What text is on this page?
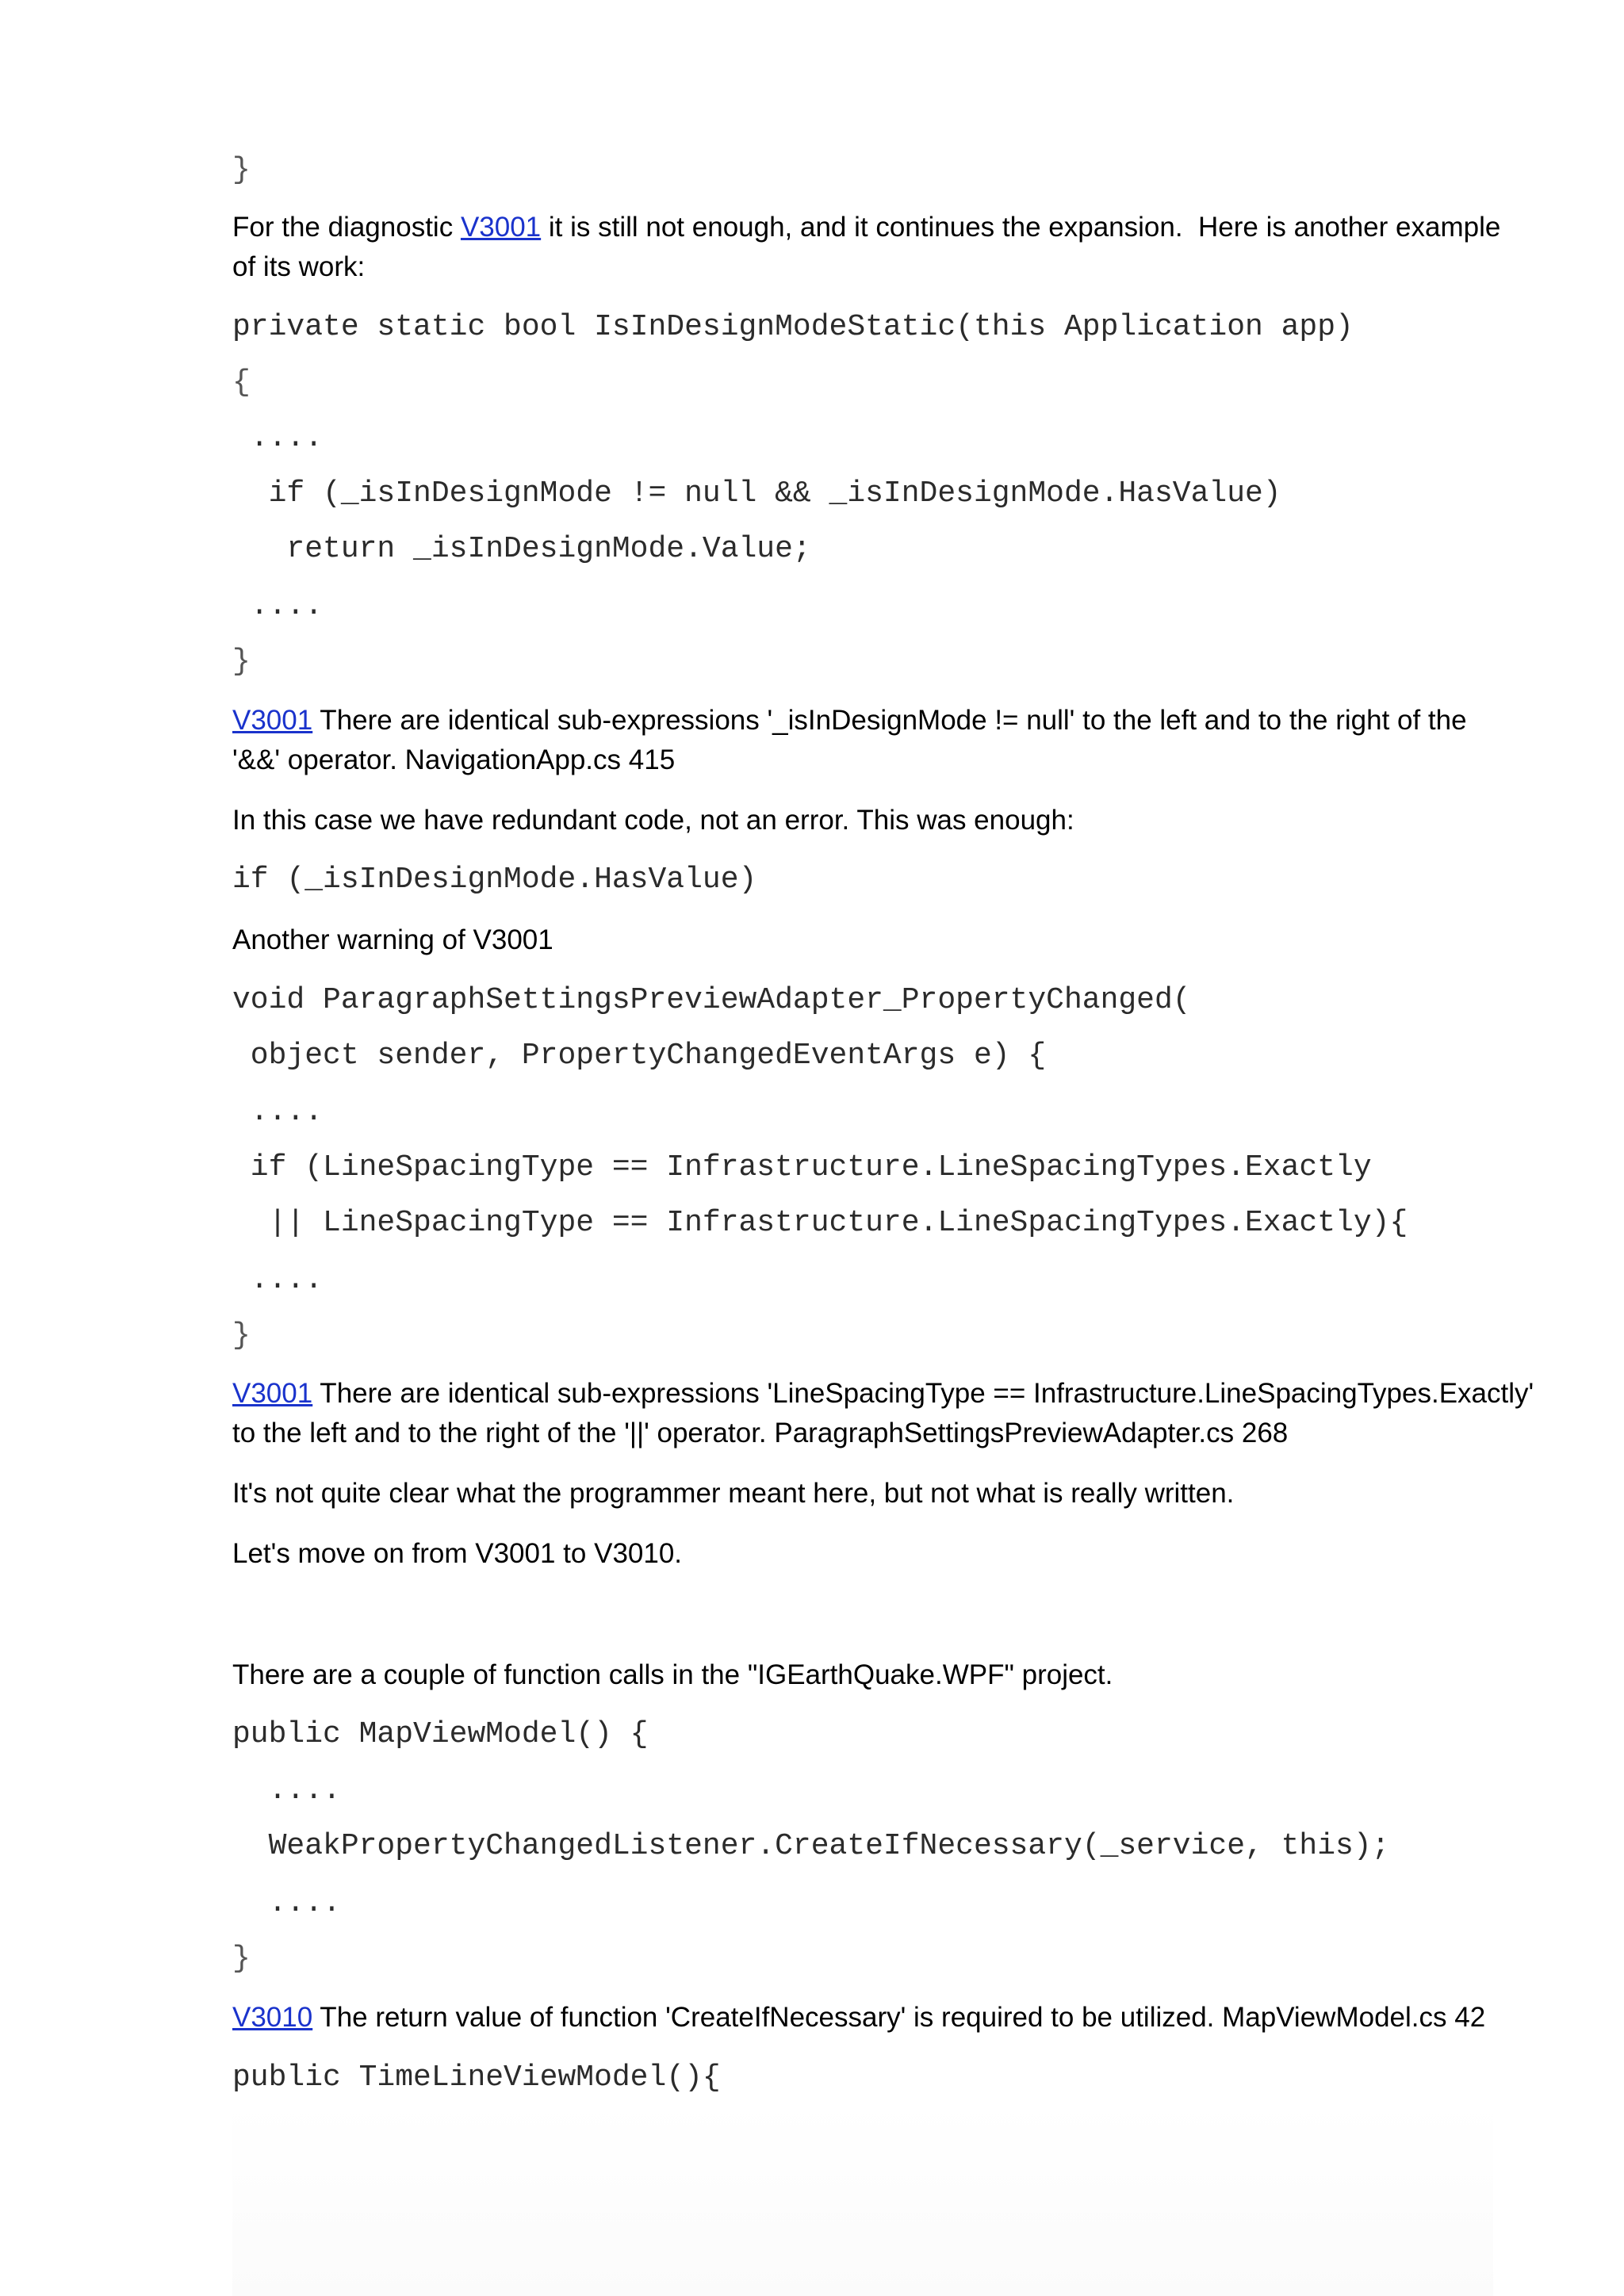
}
For the diagnostic V3001 it is still not enough, and it continues the expansion.  Here is another example
of its work:
private static bool IsInDesignModeStatic(this Application app)
{
....
if (_isInDesignMode != null && _isInDesignMode.HasValue)
return _isInDesignMode.Value;
....
}
V3001 There are identical sub-expressions '_isInDesignMode != null' to the left and to the right of the
'&&' operator. NavigationApp.cs 415
In this case we have redundant code, not an error. This was enough:
if (_isInDesignMode.HasValue)
Another warning of V3001
void ParagraphSettingsPreviewAdapter_PropertyChanged(
object sender, PropertyChangedEventArgs e) {
....
if (LineSpacingType == Infrastructure.LineSpacingTypes.Exactly
|| LineSpacingType == Infrastructure.LineSpacingTypes.Exactly){
....
}
V3001 There are identical sub-expressions 'LineSpacingType == Infrastructure.LineSpacingTypes.Exactly'
to the left and to the right of the '||' operator. ParagraphSettingsPreviewAdapter.cs 268
It's not quite clear what the programmer meant here, but not what is really written.
Let's move on from V3001 to V3010.
There are a couple of function calls in the "IGEarthQuake.WPF" project.
public MapViewModel() {
....
WeakPropertyChangedListener.CreateIfNecessary(_service, this);
....
}
V3010 The return value of function 'CreateIfNecessary' is required to be utilized. MapViewModel.cs 42
public TimeLineViewModel(){
